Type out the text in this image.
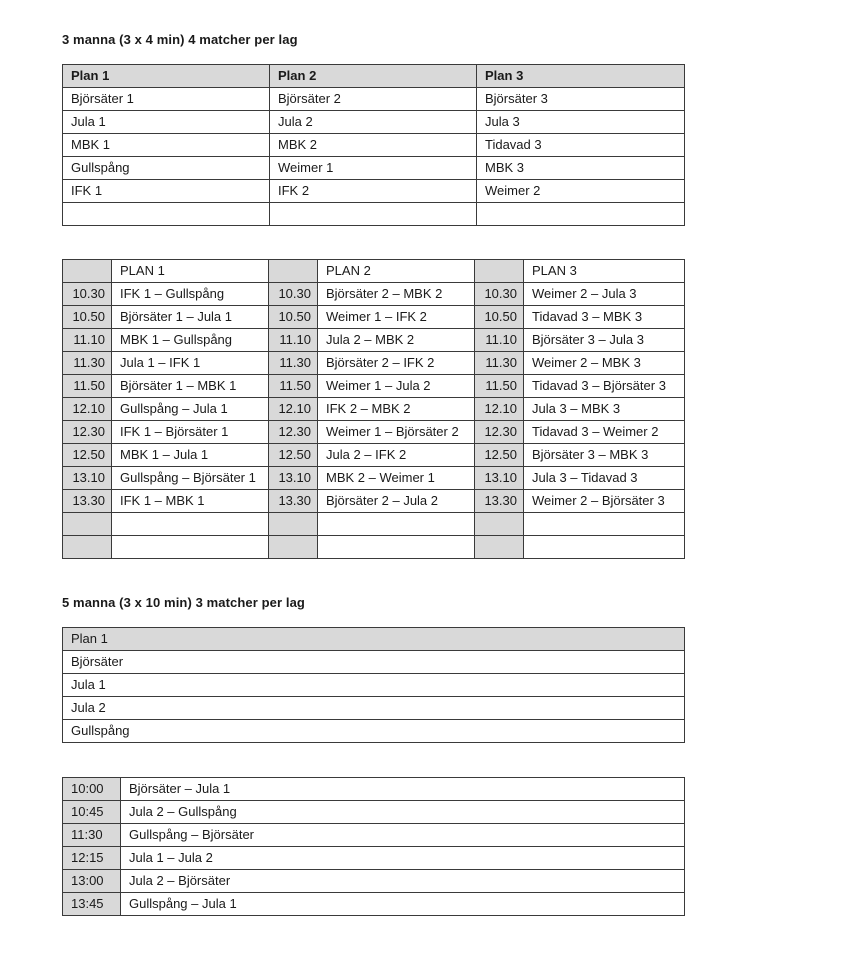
3 manna (3 x 4 min) 4 matcher per lag
Plan 1	Plan 2	Plan 3
Björsäter 1	Björsäter 2	Björsäter 3
Jula 1	Jula 2	Jula 3
MBK 1	MBK 2	Tidavad 3
Gullspång	Weimer 1	MBK 3
IFK 1	IFK 2	Weimer 2

	PLAN 1		PLAN 2		PLAN 3
10.30	IFK 1 – Gullspång	10.30	Björsäter 2 – MBK 2	10.30	Weimer 2 – Jula 3
10.50	Björsäter 1 – Jula 1	10.50	Weimer 1 – IFK 2	10.50	Tidavad 3 – MBK 3
11.10	MBK 1 – Gullspång	11.10	Jula 2 – MBK 2	11.10	Björsäter 3 – Jula 3
11.30	Jula 1 – IFK 1	11.30	Björsäter 2 – IFK 2	11.30	Weimer 2 – MBK 3
11.50	Björsäter 1 – MBK 1	11.50	Weimer 1 – Jula 2	11.50	Tidavad 3 – Björsäter 3
12.10	Gullspång – Jula 1	12.10	IFK 2 – MBK 2	12.10	Jula 3 – MBK 3
12.30	IFK 1 – Björsäter 1	12.30	Weimer 1 – Björsäter 2	12.30	Tidavad 3 – Weimer 2
12.50	MBK 1 – Jula 1	12.50	Jula 2 – IFK 2	12.50	Björsäter 3 – MBK 3
13.10	Gullspång – Björsäter 1	13.10	MBK 2 – Weimer 1	13.10	Jula 3 – Tidavad 3
13.30	IFK 1 – MBK 1	13.30	Björsäter 2 – Jula 2	13.30	Weimer 2 – Björsäter 3

5 manna (3 x 10 min) 3 matcher per lag
Plan 1
Björsäter
Jula 1
Jula 2
Gullspång
10:00	Björsäter – Jula 1
10:45	Jula 2 – Gullspång
11:30	Gullspång – Björsäter
12:15	Jula 1 – Jula 2
13:00	Jula 2 – Björsäter
13:45	Gullspång – Jula 1
